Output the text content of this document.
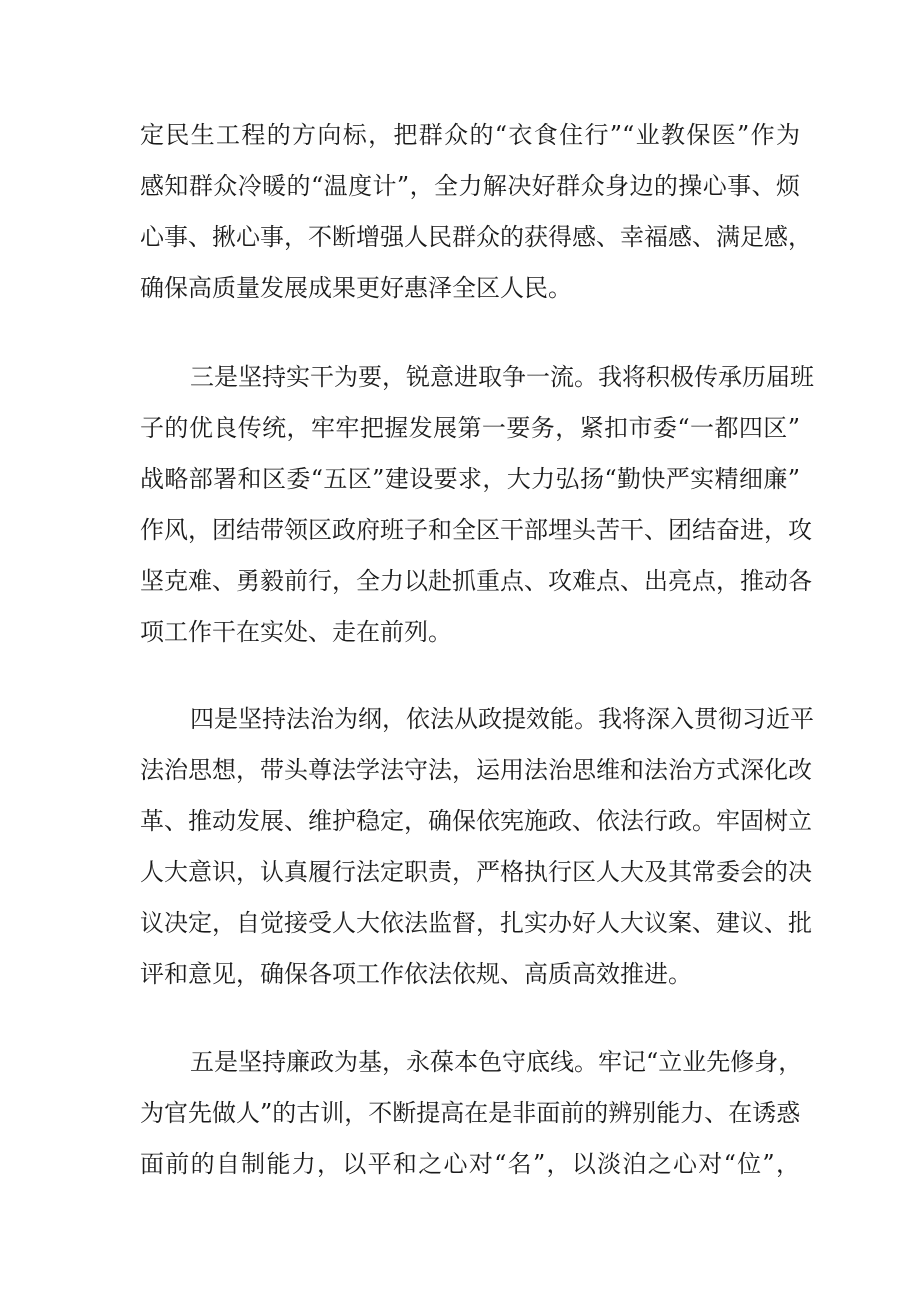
定民生工程的方向标，把群众的“衣食住行”“业教保医”作为
感知群众冷暖的“温度计”，全力解决好群众身边的操心事、烦
心事、揪心事，不断增强人民群众的获得感、幸福感、满足感，
确保高质量发展成果更好惠泽全区人民。
三是坚持实干为要，锐意进取争一流。我将积极传承历届班
子的优良传统，牢牢把握发展第一要务，紧扣市委“一都四区”
战略部署和区委“五区”建设要求，大力弘扬“勤快严实精细廉”
作风，团结带领区政府班子和全区干部埋头苦干、团结奋进，攻
坚克难、勇毅前行，全力以赴抓重点、攻难点、出亮点，推动各
项工作干在实处、走在前列。
四是坚持法治为纲，依法从政提效能。我将深入贯彻习近平
法治思想，带头尊法学法守法，运用法治思维和法治方式深化改
革、推动发展、维护稳定，确保依宪施政、依法行政。牢固树立
人大意识，认真履行法定职责，严格执行区人大及其常委会的决
议决定，自觉接受人大依法监督，扎实办好人大议案、建议、批
评和意见，确保各项工作依法依规、高质高效推进。
五是坚持廉政为基，永葆本色守底线。牢记“立业先修身，
为官先做人”的古训，不断提高在是非面前的辨别能力、在诱惑
面前的自制能力，以平和之心对“名”，以淡泊之心对“位”，
